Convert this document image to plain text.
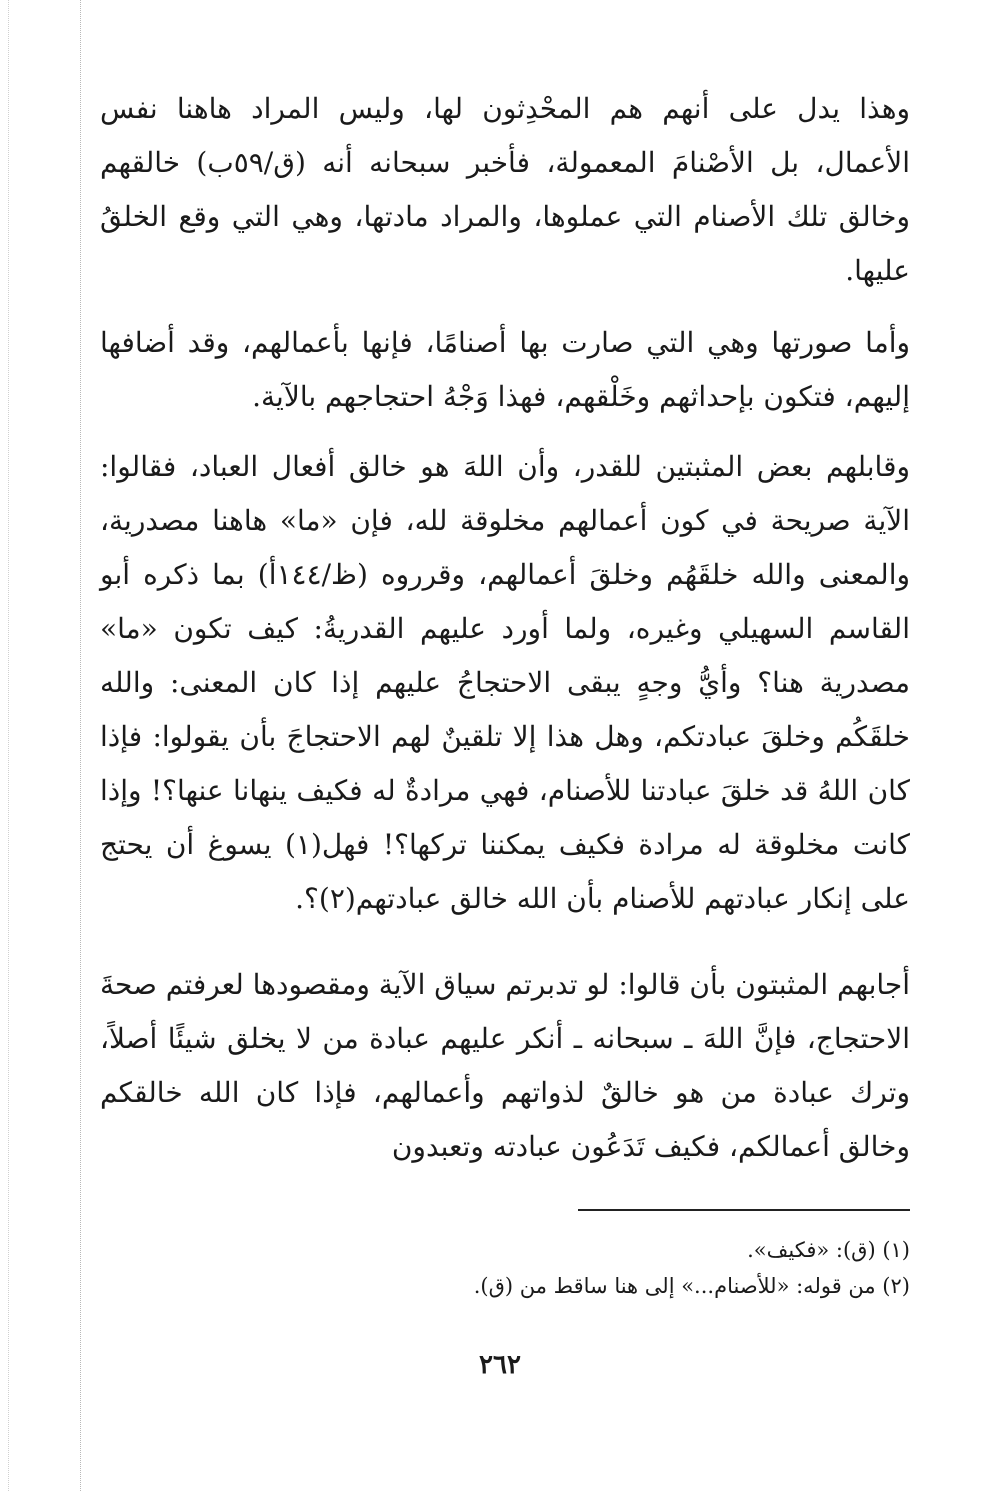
وهذا يدل على أنهم هم المحْدِثون لها، وليس المراد هاهنا نفس الأعمال، بل الأصْنامَ المعمولة، فأخبر سبحانه أنه (ق/٥٩ب) خالقهم وخالق تلك الأصنام التي عملوها، والمراد مادتها، وهي التي وقع الخلقُ عليها.

وأما صورتها وهي التي صارت بها أصنامًا، فإنها بأعمالهم، وقد أضافها إليهم، فتكون بإحداثهم وخَلْقهم، فهذا وَجْهُ احتجاجهم بالآية.

وقابلهم بعض المثبتين للقدر، وأن اللهَ هو خالق أفعال العباد، فقالوا: الآية صريحة في كون أعمالهم مخلوقة لله، فإن «ما» هاهنا مصدرية، والمعنى والله خلقَهُم وخلقَ أعمالهم، وقرروه (ظ/١٤٤أ) بما ذكره أبو القاسم السهيلي وغيره، ولما أورد عليهم القدريةُ: كيف تكون «ما» مصدرية هنا؟ وأيُّ وجهٍ يبقى الاحتجاجُ عليهم إذا كان المعنى: والله خلقَكُم وخلقَ عبادتكم، وهل هذا إلا تلقينٌ لهم الاحتجاجَ بأن يقولوا: فإذا كان اللهُ قد خلقَ عبادتنا للأصنام، فهي مرادةٌ له فكيف ينهانا عنها؟! وإذا كانت مخلوقة له مرادة فكيف يمكننا تركها؟! فهل(١) يسوغ أن يحتج على إنكار عبادتهم للأصنام بأن الله خالق عبادتهم(٢)؟.

أجابهم المثبتون بأن قالوا: لو تدبرتم سياق الآية ومقصودها لعرفتم صحةَ الاحتجاج، فإنَّ اللهَ ـ سبحانه ـ أنكر عليهم عبادة من لا يخلق شيئًا أصلاً، وترك عبادة من هو خالقٌ لذواتهم وأعمالهم، فإذا كان الله خالقكم وخالق أعمالكم، فكيف تَدَعُون عبادته وتعبدون

(١) (ق): «فكيف».
(٢) من قوله: «للأصنام...» إلى هنا ساقط من (ق).
٢٦٢
